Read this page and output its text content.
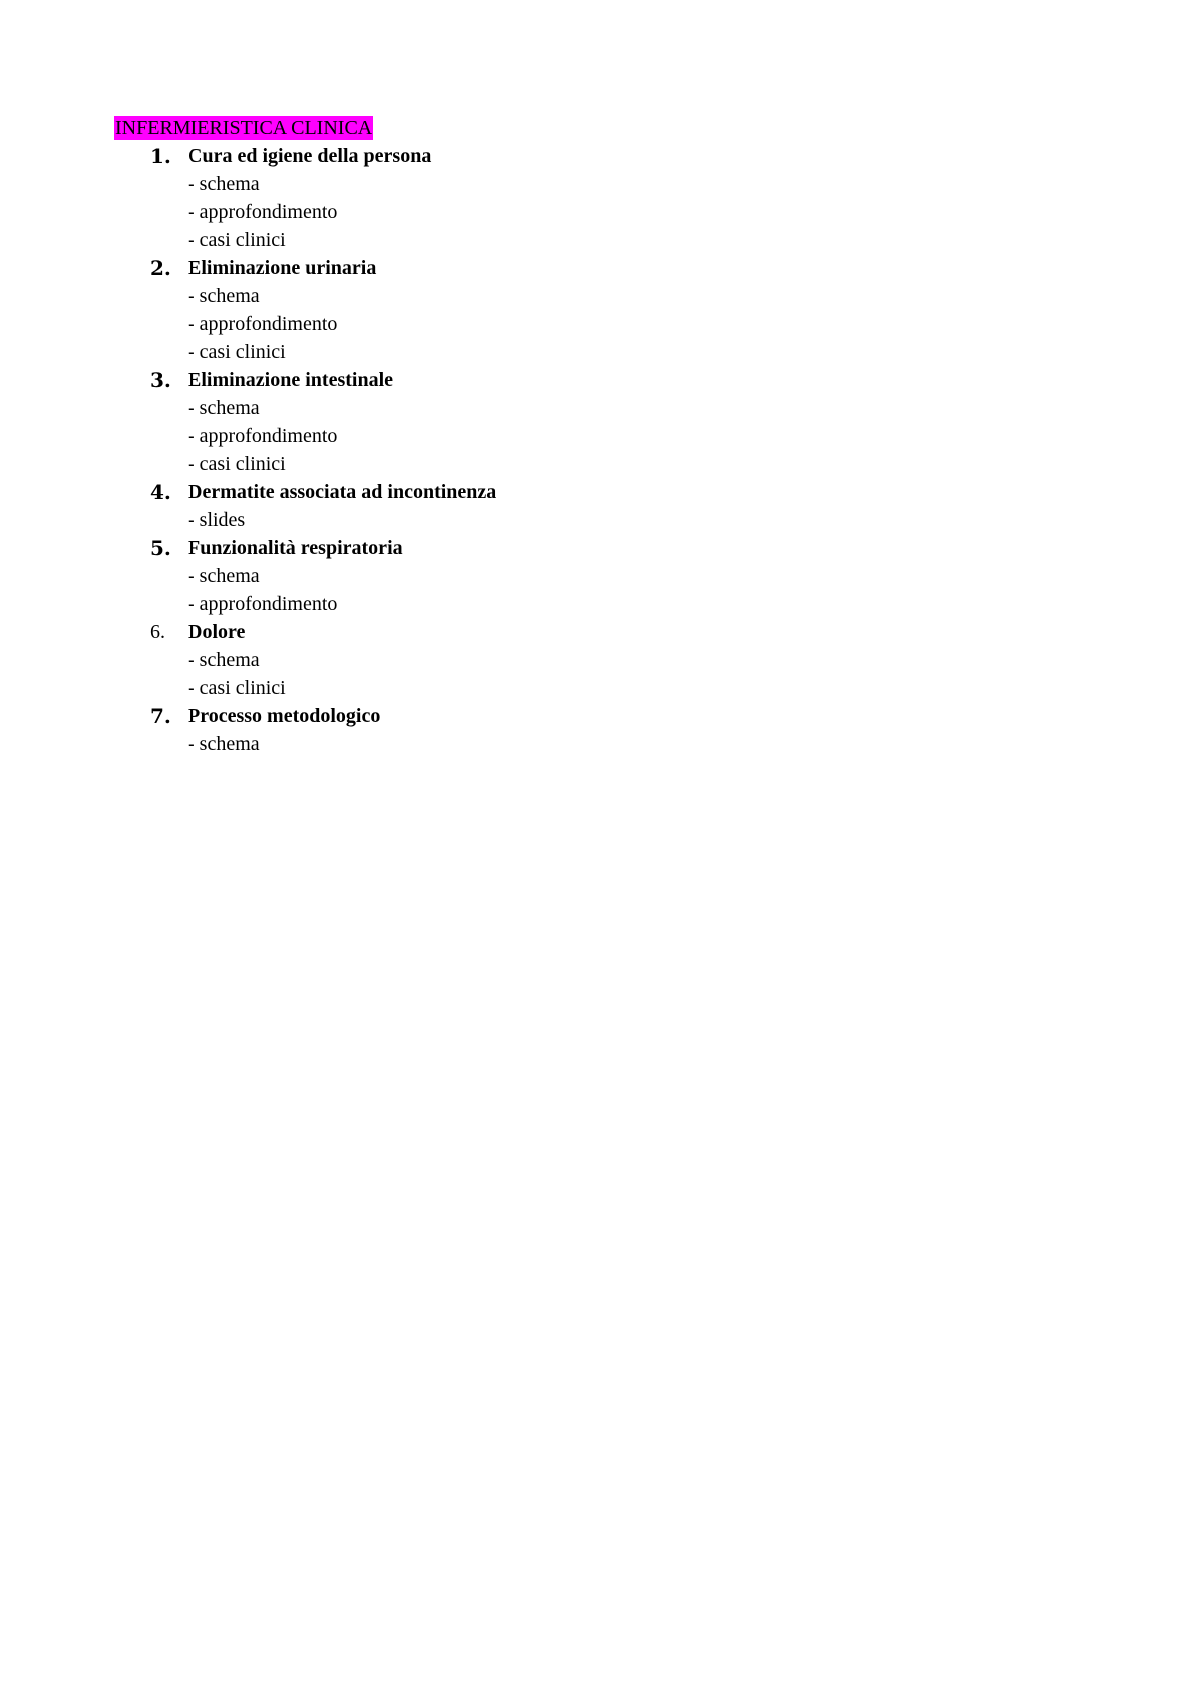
INFERMIERISTICA CLINICA
1. Cura ed igiene della persona
- schema
- approfondimento
- casi clinici
2. Eliminazione urinaria
- schema
- approfondimento
- casi clinici
3. Eliminazione intestinale
- schema
- approfondimento
- casi clinici
4. Dermatite associata ad incontinenza
- slides
5. Funzionalità respiratoria
- schema
- approfondimento
6.	Dolore
- schema
- casi clinici
7. Processo metodologico
- schema
